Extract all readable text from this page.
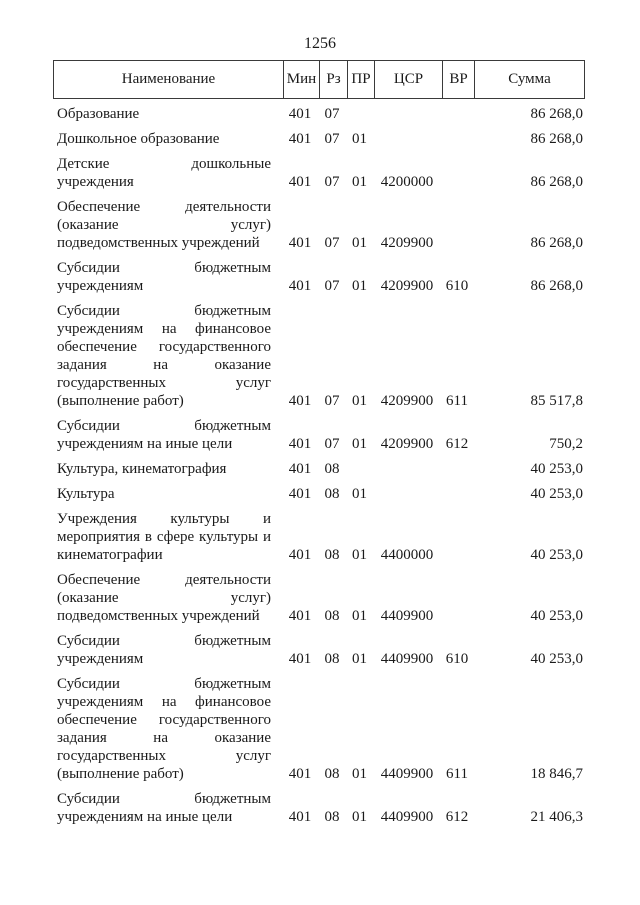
1256
Наименование	Мин Рз ПР	ЦСР	ВР	Сумма
Образование	401 07	86 268,0
Дошкольное образование	401 07 01	86 268,0
Детские дошкольные
учреждения	401 07 01 4200000	86 268,0
Обеспечение деятельности
(оказание услуг)
подведомственных учреждений	401 07 01 4209900	86 268,0
Субсидии бюджетным
учреждениям	401 07 01 4209900 610	86 268,0
Субсидии бюджетным
учреждениям на финансовое
обеспечение государственного
задания на оказание
государственных услуг
(выполнение работ)	401 07 01 4209900 611	85 517,8
Субсидии бюджетным
учреждениям на иные цели	401 07 01 4209900 612	750,2
Культура, кинематография	401 08	40 253,0
Культура	401 08 01	40 253,0
Учреждения культуры и
мероприятия в сфере культуры и
кинематографии	401 08 01 4400000	40 253,0
Обеспечение деятельности
(оказание услуг)
подведомственных учреждений	401 08 01 4409900	40 253,0
Субсидии бюджетным
учреждениям	401 08 01 4409900 610	40 253,0
Субсидии бюджетным
учреждениям на финансовое
обеспечение государственного
задания на оказание
государственных услуг
(выполнение работ)	401 08 01 4409900 611	18 846,7
Субсидии бюджетным
учреждениям на иные цели	401 08 01 4409900 612	21 406,3
